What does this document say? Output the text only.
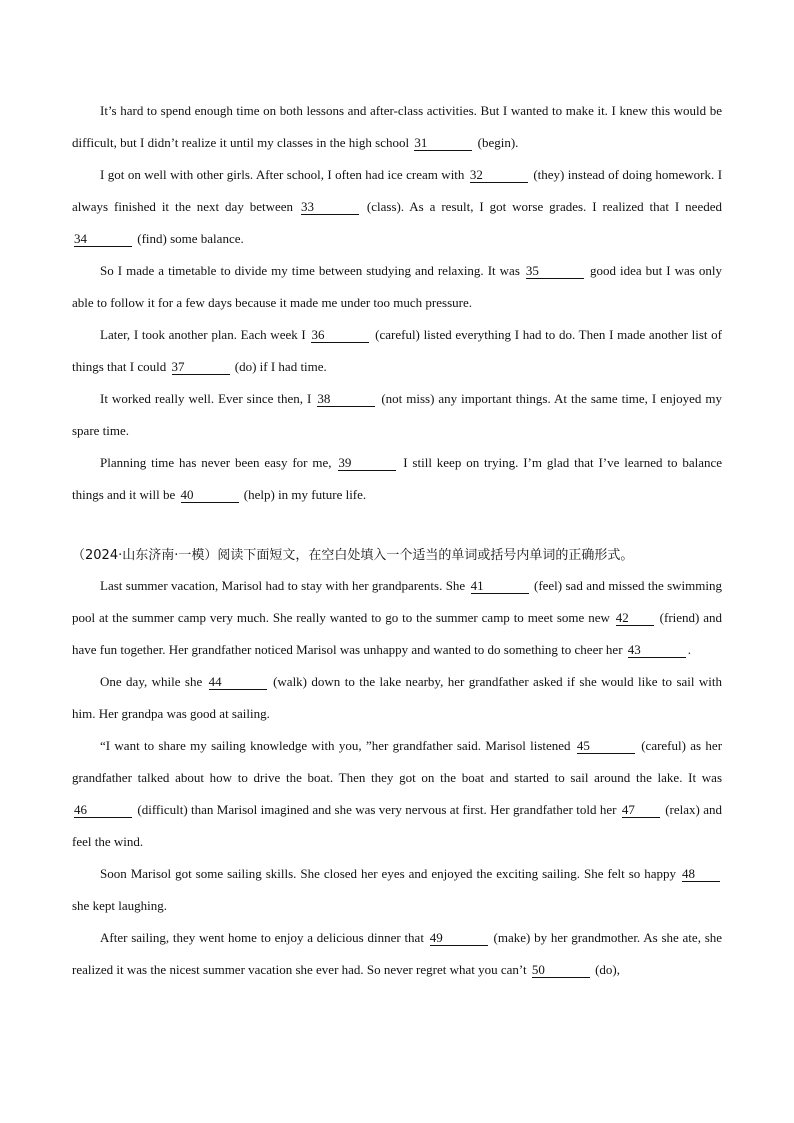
It’s hard to spend enough time on both lessons and after-class activities. But I wanted to make it. I knew this would be difficult, but I didn’t realize it until my classes in the high school 31	(begin).

I got on well with other girls. After school, I often had ice cream with 32	(they) instead of doing homework. I always finished it the next day between 33	(class). As a result, I got worse grades. I realized that I needed 34	(find) some balance.

So I made a timetable to divide my time between studying and relaxing. It was 35	good idea but I was only able to follow it for a few days because it made me under too much pressure.

Later, I took another plan. Each week I 36	(careful) listed everything I had to do. Then I made another list of things that I could 37	(do) if I had time.

It worked really well. Ever since then, I 38	(not miss) any important things. At the same time, I enjoyed my spare time.

Planning time has never been easy for me, 39	I still keep on trying. I’m glad that I’ve learned to balance things and it will be 40	(help) in my future life.

（2024·山东济南·一模）阅读下面短文，在空白处填入一个适当的单词或括号内单词的正确形式。

Last summer vacation, Marisol had to stay with her grandparents. She 41	(feel) sad and missed the swimming pool at the summer camp very much. She really wanted to go to the summer camp to meet some new 42 (friend) and have fun together. Her grandfather noticed Marisol was unhappy and wanted to do something to cheer her 43	.

One day, while she 44	(walk) down to the lake nearby, her grandfather asked if she would like to sail with him. Her grandpa was good at sailing.

“I want to share my sailing knowledge with you, ”her grandfather said. Marisol listened 45	(careful) as her grandfather talked about how to drive the boat. Then they got on the boat and started to sail around the lake. It was 46	(difficult) than Marisol imagined and she was very nervous at first. Her grandfather told her 47 (relax) and feel the wind.

Soon Marisol got some sailing skills. She closed her eyes and enjoyed the exciting sailing. She felt so happy 48 she kept laughing.

After sailing, they went home to enjoy a delicious dinner that 49	(make) by her grandmother. As she ate, she realized it was the nicest summer vacation she ever had. So never regret what you can’t 50	(do),
